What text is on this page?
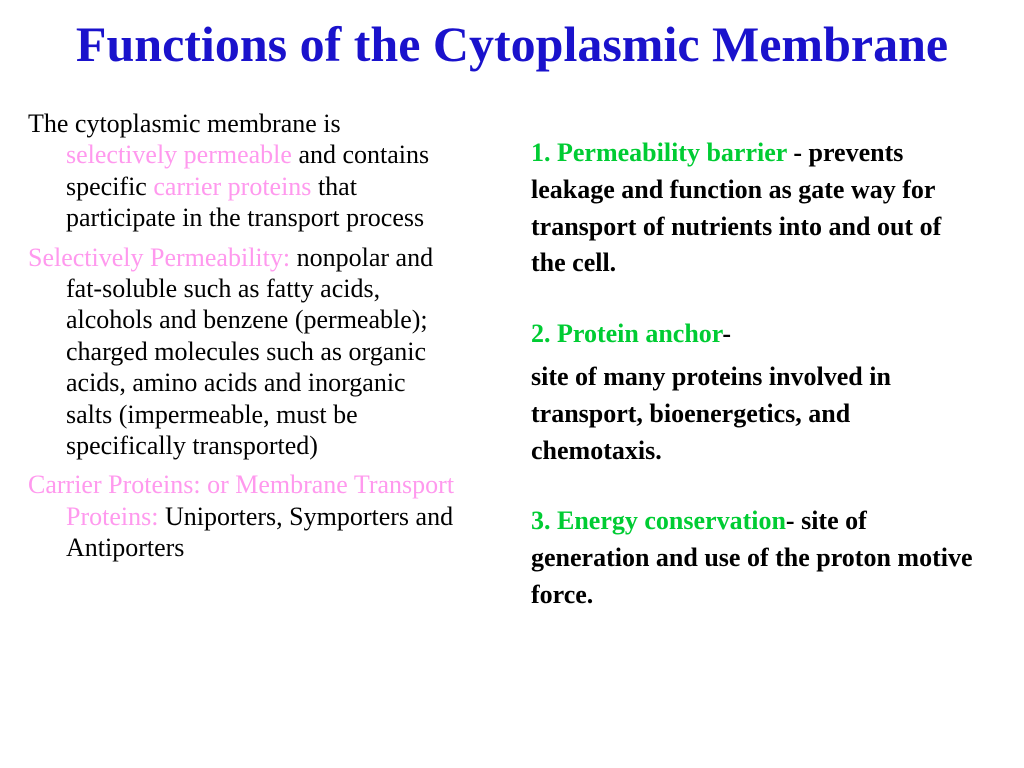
Functions of the Cytoplasmic Membrane

The cytoplasmic membrane is selectively permeable and contains specific carrier proteins that participate in the transport process

Selectively Permeability: nonpolar and fat-soluble such as fatty acids, alcohols and benzene (permeable); charged molecules such as organic acids, amino acids and inorganic salts (impermeable, must be specifically transported)

Carrier Proteins: or Membrane Transport Proteins: Uniporters, Symporters and Antiporters

1. Permeability barrier - prevents leakage and function as gate way for transport of nutrients into and out of the cell.

2. Protein anchor-

site of many proteins involved in transport, bioenergetics, and chemotaxis.

3. Energy conservation- site of generation and use of the proton motive force.
